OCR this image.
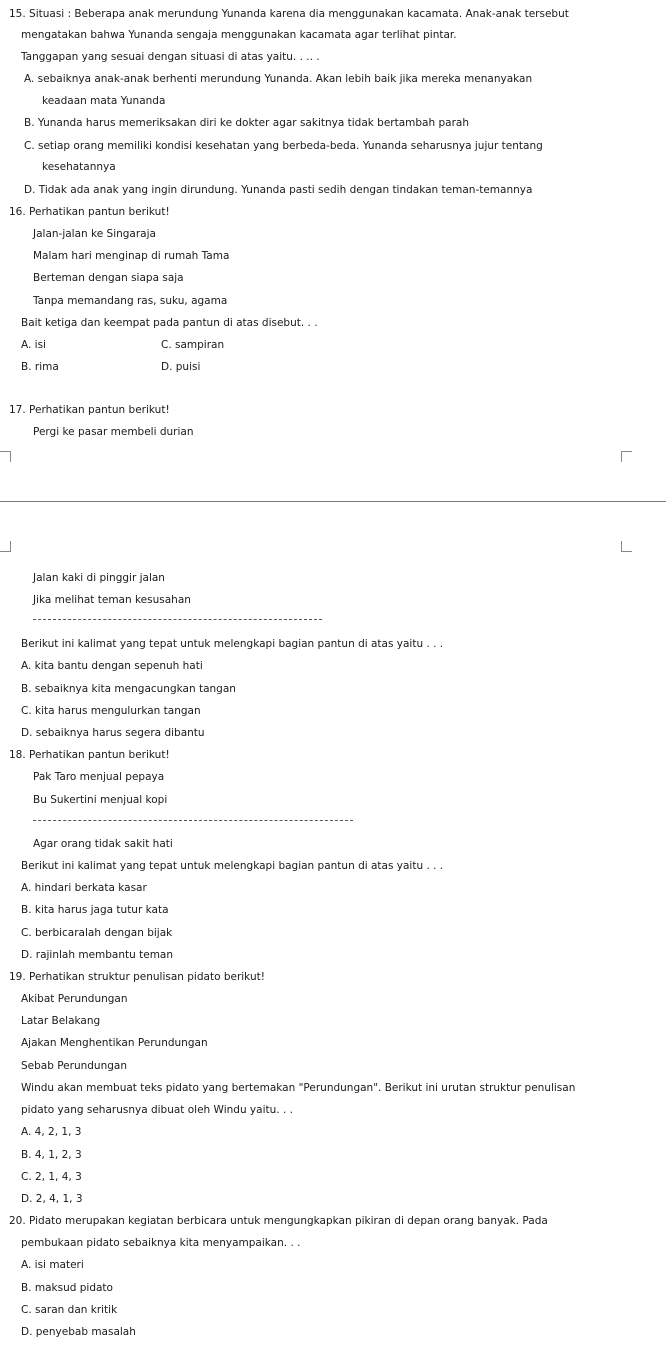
15. Situasi : Beberapa anak merundung Yunanda karena dia menggunakan kacamata. Anak-anak tersebut
mengatakan bahwa Yunanda sengaja menggunakan kacamata agar terlihat pintar.
Tanggapan yang sesuai dengan situasi di atas yaitu. . .. .
A. sebaiknya anak-anak berhenti merundung Yunanda. Akan lebih baik jika mereka menanyakan
keadaan mata Yunanda
B. Yunanda harus memeriksakan diri ke dokter agar sakitnya tidak bertambah parah
C. setiap orang memiliki kondisi kesehatan yang berbeda-beda. Yunanda seharusnya jujur tentang
kesehatannya
D. Tidak ada anak yang ingin dirundung. Yunanda pasti sedih dengan tindakan teman-temannya
16. Perhatikan pantun berikut!
Jalan-jalan ke Singaraja
Malam hari menginap di rumah Tama
Berteman dengan siapa saja
Tanpa memandang ras, suku, agama
Bait ketiga dan keempat pada pantun di atas disebut. . .
A. isi	C. sampiran
B. rima	D. puisi
17. Perhatikan pantun berikut!
Pergi ke pasar membeli durian
Jalan kaki di pinggir jalan
Jika melihat teman kesusahan
Berikut ini kalimat yang tepat untuk melengkapi bagian pantun di atas yaitu . . .
A. kita bantu dengan sepenuh hati
B. sebaiknya kita mengacungkan tangan
C. kita harus mengulurkan tangan
D. sebaiknya harus segera dibantu
18. Perhatikan pantun berikut!
Pak Taro menjual pepaya
Bu Sukertini menjual kopi
Agar orang tidak sakit hati
Berikut ini kalimat yang tepat untuk melengkapi bagian pantun di atas yaitu . . .
A. hindari berkata kasar
B. kita harus jaga tutur kata
C. berbicaralah dengan bijak
D. rajinlah membantu teman
19. Perhatikan struktur penulisan pidato berikut!
Akibat Perundungan
Latar Belakang
Ajakan Menghentikan Perundungan
Sebab Perundungan
Windu akan membuat teks pidato yang bertemakan "Perundungan". Berikut ini urutan struktur penulisan
pidato yang seharusnya dibuat oleh Windu yaitu. . .
A. 4, 2, 1, 3
B. 4, 1, 2, 3
C. 2, 1, 4, 3
D. 2, 4, 1, 3
20. Pidato merupakan kegiatan berbicara untuk mengungkapkan pikiran di depan orang banyak. Pada
pembukaan pidato sebaiknya kita menyampaikan. . .
A. isi materi
B. maksud pidato
C. saran dan kritik
D. penyebab masalah
